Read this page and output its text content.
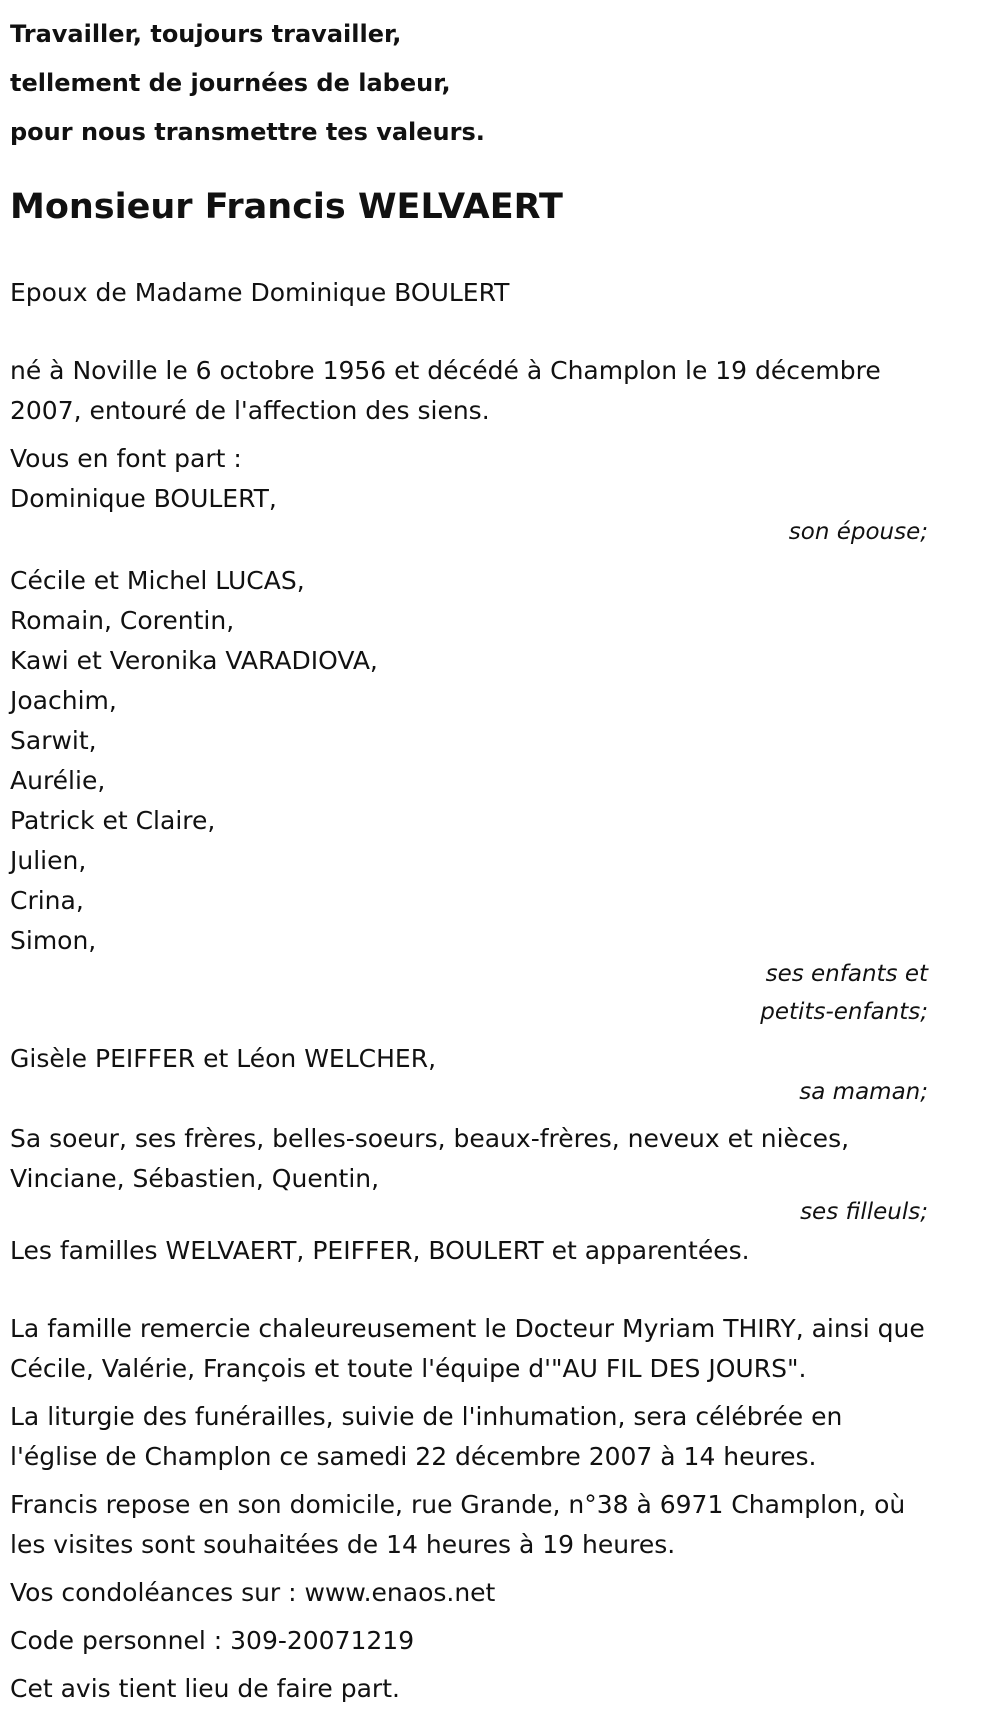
Travailler, toujours travailler,
tellement de journées de labeur,
pour nous transmettre tes valeurs.
Monsieur Francis WELVAERT

Epoux de Madame Dominique BOULERT

né à Noville le 6 octobre 1956 et décédé à Champlon le 19 décembre 2007, entouré de l'affection des siens.

Vous en font part :
Dominique BOULERT,
son épouse;
Cécile et Michel LUCAS,
Romain, Corentin,
Kawi et Veronika VARADIOVA,
Joachim,
Sarwit,
Aurélie,
Patrick et Claire,
Julien,
Crina,
Simon,
ses enfants et
petits-enfants;
Gisèle PEIFFER et Léon WELCHER,
sa maman;
Sa soeur, ses frères, belles-soeurs, beaux-frères, neveux et nièces,
Vinciane, Sébastien, Quentin,
ses filleuls;
Les familles WELVAERT, PEIFFER, BOULERT et apparentées.

La famille remercie chaleureusement le Docteur Myriam THIRY, ainsi que Cécile, Valérie, François et toute l'équipe d'"AU FIL DES JOURS".

La liturgie des funérailles, suivie de l'inhumation, sera célébrée en l'église de Champlon ce samedi 22 décembre 2007 à 14 heures.

Francis repose en son domicile, rue Grande, n°38 à 6971 Champlon, où les visites sont souhaitées de 14 heures à 19 heures.

Vos condoléances sur : www.enaos.net

Code personnel : 309-20071219

Cet avis tient lieu de faire part.
